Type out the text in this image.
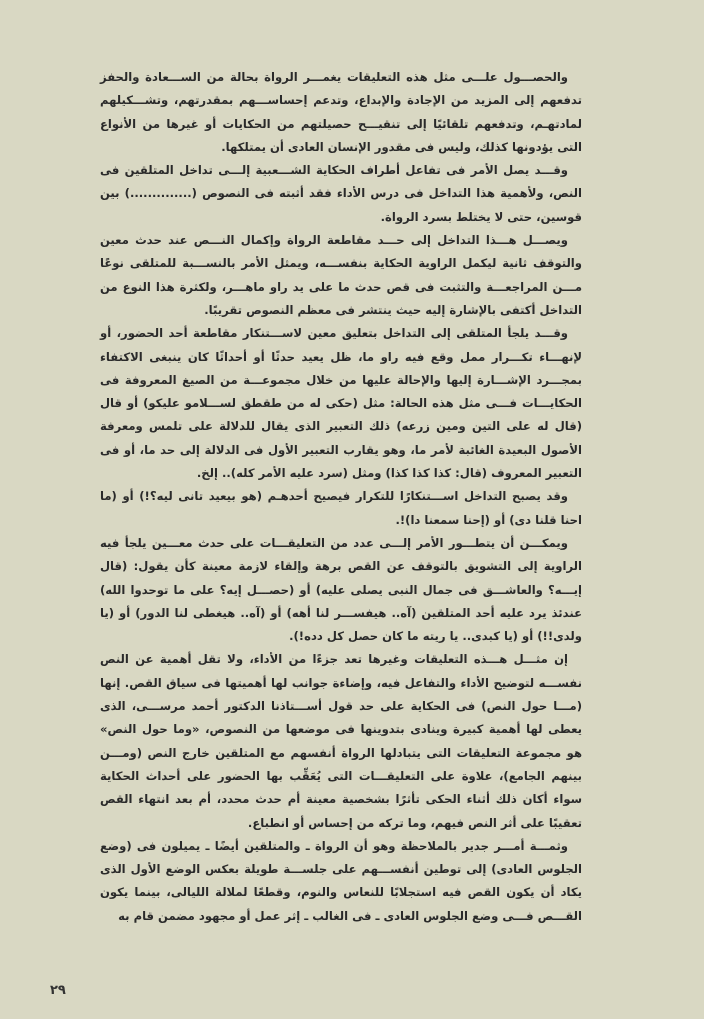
والحصـــول علـــى مثل هذه التعليقات يغمـــر الرواة بحالة من الســـعادة والحفز تدفعهم إلى المزيد من الإجادة والإبداع، وتدعم إحساســـهم بمقدرتهم، وتشـــكيلهم لمادتهـم، وتدفعهم تلقائيًا إلى تنقيـــح حصيلتهم من الحكايات أو غيرها من الأنواع التى يؤدونها كذلك، وليس فى مقدور الإنسان العادى أن يمتلكها.

وقـــد يصل الأمر فى تفاعل أطراف الحكاية الشـــعبية إلـــى تداخل المتلقين فى النص، ولأهمية هذا التداخل فى درس الأداء فقد أثبته فى النصوص (..............) بين قوسين، حتى لا يختلط بسرد الرواة.

ويصـــل هـــذا التداخل إلى حـــد مقاطعة الرواة وإكمال النـــص عند حدث معين والتوقف ثانية ليكمل الراوية الحكاية بنفســـه، ويمثل الأمر بالنســـبة للمتلقى نوعًا مـــن المراجعـــة والتثبت فى قص حدث ما على يد راو ماهـــر، ولكثرة هذا النوع من التداخل أكتفى بالإشارة إليه حيث ينتشر فى معظم النصوص تقريبًا.

وقـــد يلجأ المتلقى إلى التداخل بتعليق معين لاســـتنكار مقاطعة أحد الحضور، أو لإنهـــاء تكـــرار ممل وقع فيه راو ما، ظل يعيد حدثًا أو أحداثًا كان ينبغى الاكتفاء بمجـــرد الإشـــارة إليها والإحالة عليها من خلال مجموعـــة من الصيغ المعروفة فى الحكايـــات فـــى مثل هذه الحالة: مثل (حكى له من طقطق لســـلامو عليكو) أو قال (قال له على التين ومين زرعه) ذلك التعبير الذى يقال للدلالة على تلمس ومعرفة الأصول البعيدة الغائبة لأمر ما، وهو يقارب التعبير الأول فى الدلالة إلى حد ما، أو فى التعبير المعروف (قال: كذا كذا كذا) ومثل (سرد عليه الأمر كله).. إلخ.

وقد يصبح التداخل اســـتنكارًا للتكرار فيصيح أحدهـم (هو بيعيد تانى ليه؟!) أو (ما احنا قلنا دى) أو (إحنا سمعنا دا)!.

ويمكـــن أن يتطـــور الأمر إلـــى عدد من التعليقـــات على حدث معـــين يلجأ فيه الراوية إلى التشويق بالتوقف عن القص برهة وإلقاء لازمة معينة كأن يقول: (قال إيـــه؟ والعاشـــق فى جمال النبى يصلى عليه) أو (حصـــل إيه؟ على ما توحدوا الله) عندئذ يرد عليه أحد المتلقين (آه.. هيفســـر لنا أهه) أو (آه.. هيغطى لنا الدور) أو (يا ولدى!!) أو (يا كبدى.. يا ريته ما كان حصل كل دده!).

إن مثـــل هـــذه التعليقات وغيرها تعد جزءًا من الأداء، ولا تقل أهمية عن النص نفســـه لتوضيح الأداء والتفاعل فيه، وإضاءة جوانب لها أهميتها فى سياق القص. إنها (مـــا حول النص) فى الحكاية على حد قول أســـتاذنا الدكتور أحمد مرســـى، الذى يعطى لها أهمية كبيرة وينادى بتدوينها فى موضعها من النصوص، «وما حول النص» هو مجموعة التعليقات التى يتبادلها الرواة أنفسهم مع المتلقين خارج النص (ومـــن بينهم الجامع)، علاوة على التعليقـــات التى يُعَقِّب بها الحضور على أحداث الحكاية سواء أكان ذلك أثناء الحكى تأثرًا بشخصية معينة أم حدث محدد، أم بعد انتهاء القص تعقيبًا على أثر النص فيهم، وما تركه من إحساس أو انطباع.

وثمـــة أمـــر جدير بالملاحظة وهو أن الرواة ـ والمتلقين أيضًا ـ يميلون فى (وضع الجلوس العادى) إلى توطين أنفســـهم على جلســـة طويلة بعكس الوضع الأول الذى يكاد أن يكون القص فيه استجلابًا للنعاس والنوم، وقطعًا لملالة الليالى، بينما يكون القـــص فـــى وضع الجلوس العادى ـ فى الغالب ـ إثر عمل أو مجهود مضمن قام به

٢٩
